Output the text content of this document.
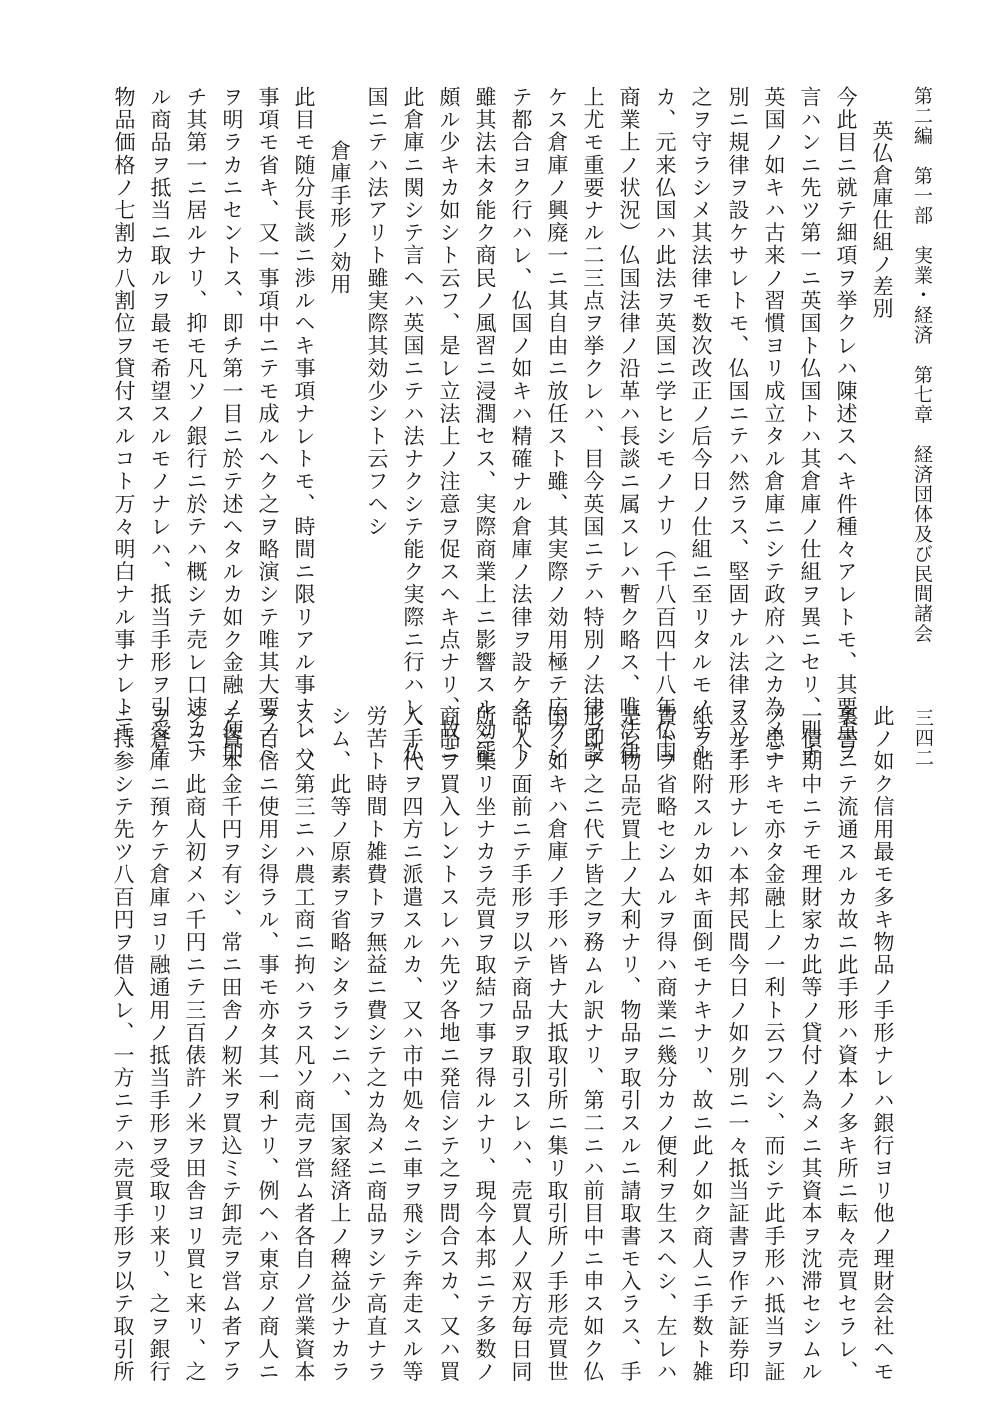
第二編　第一部　実業・経済　第七章　経済団体及び民間諸会
三四二
英仏倉庫仕組ノ差別
今此目ニ就テ細項ヲ挙クレハ陳述スヘキ件種々アレトモ、其要点ヲ
言ハンニ先ツ第一ニ英国ト仏国トハ其倉庫ノ仕組ヲ異ニセリ、則チ
英国ノ如キハ古来ノ習慣ヨリ成立タル倉庫ニシテ政府ハ之カ為メニ
別ニ規律ヲ設ケサレトモ、仏国ニテハ然ラス、堅固ナル法律ヲ立テ
之ヲ守ラシメ其法律モ数次改正ノ后今日ノ仕組ニ至リタルモノナル
カ、元来仏国ハ此法ヲ英国ニ学ヒシモノナリ（千八百四十八年仏国
商業上ノ状況）仏国法律ノ沿革ハ長談ニ属スレハ暫ク略ス、唯法律
上尤モ重要ナル二三点ヲ挙クレハ、目今英国ニテハ特別ノ法律ヲ設
ケス倉庫ノ興廃一ニ其自由ニ放任スト雖、其実際ノ効用極テ広クシ
テ都合ヨク行ハレ、仏国ノ如キハ精確ナル倉庫ノ法律ヲ設ケタリト
雖其法未タ能ク商民ノ風習ニ浸潤セス、実際商業上ニ影響スル効能
頗ル少キカ如シト云フ、是レ立法上ノ注意ヲ促スヘキ点ナリ、故ニ
此倉庫ニ関シテ言ヘハ英国ニテハ法ナクシテ能ク実際ニ行ハレ、仏
国ニテハ法アリト雖実際其効少シト云フヘシ
倉庫手形ノ効用
此目モ随分長談ニ渉ルヘキ事項ナレトモ、時間ニ限リアル事ナレハ
事項モ省キ、又一事項中ニテモ成ルヘク之ヲ略演シテ唯其大要ノミ
ヲ明ラカニセントス、即チ第一目ニ於テ述ヘタルカ如ク金融ノ便即
チ其第一ニ居ルナリ、抑モ凡ソノ銀行ニ於テハ概シテ売レ口速カナ
ル商品ヲ抵当ニ取ルヲ最モ希望スルモノナレハ、抵当手形ヲ引受ケ
物品価格ノ七割カ八割位ヲ貸付スルコト万々明白ナル事ナレトモ、
此ノ如ク信用最モ多キ物品ノ手形ナレハ銀行ヨリ他ノ理財会社ヘモ
裏書ニテ流通スルカ故ニ此手形ハ資本ノ多キ所ニ転々売買セラレ、
一債期中ニテモ理財家カ此等ノ貸付ノ為メニ其資本ヲ沈滞セシムル
ノ患ナキモ亦タ金融上ノ一利ト云フヘシ、而シテ此手形ハ抵当ヲ証
スル手形ナレハ本邦民間今日ノ如ク別ニ一々抵当証書ヲ作テ証券印
紙ヲ貼附スルカ如キ面倒モナキナリ、故ニ此ノ如ク商人ニ手数ト雑
費トヲ省略セシムルヲ得ハ商業ニ幾分カノ便利ヲ生スヘシ、左レハ
是レ物品売買上ノ大利ナリ、物品ヲ取引スルニ請取書モ入ラス、手
形即チ之ニ代テ皆之ヲ務ムル訳ナリ、第二ニハ前目中ニ申ス如ク仏
国ノ如キハ倉庫ノ手形ハ皆ナ大抵取引所ニ集リ取引所ノ手形売買世
話人ノ面前ニテ手形ヲ以テ商品ヲ取引スレハ、売買人ノ双方毎日同
所ニ集リ坐ナカラ売買ヲ取結フ事ヲ得ルナリ、現今本邦ニテ多数ノ
商品ヲ買入レントスレハ先ツ各地ニ発信シテ之ヲ問合スカ、又ハ買
入手代ヲ四方ニ派遣スルカ、又ハ市中処々ニ車ヲ飛シテ奔走スル等
労苦ト時間ト雑費トヲ無益ニ費シテ之カ為メニ商品ヲシテ高直ナラ
シム、此等ノ原素ヲ省略シタランニハ、国家経済上ノ稗益少ナカラ
ス、又第三ニハ農工商ニ拘ハラス凡ソ商売ヲ営ム者各自ノ営業資本
ヲ百倍ニ使用シ得ラル、事モ亦タ其一利ナリ、例ヘハ東京ノ商人ニ
テ資本金千円ヲ有シ、常ニ田舎ノ籾米ヲ買込ミテ卸売ヲ営ム者アラ
ンニ、此商人初メハ千円ニテ三百俵許ノ米ヲ田舎ヨリ買ヒ来リ、之
ヲ倉庫ニ預ケテ倉庫ヨリ融通用ノ抵当手形ヲ受取リ来リ、之ヲ銀行
ニ持参シテ先ツ八百円ヲ借入レ、一方ニテハ売買手形ヲ以テ取引所
